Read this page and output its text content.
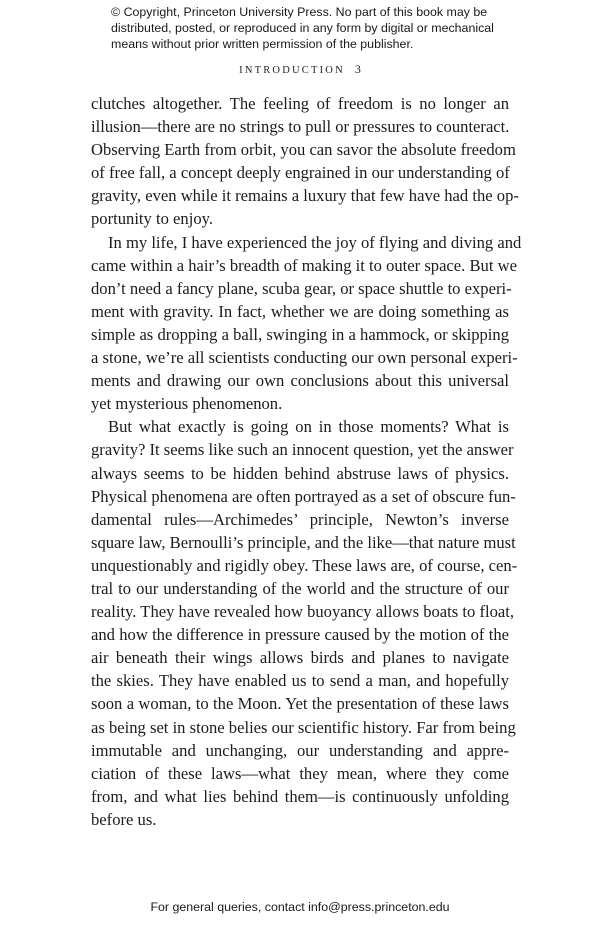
© Copyright, Princeton University Press. No part of this book may be
distributed, posted, or reproduced in any form by digital or mechanical
means without prior written permission of the publisher.
INTRODUCTION 3
clutches altogether. The feeling of freedom is no longer an
illusion—there are no strings to pull or pressures to counteract.
Observing Earth from orbit, you can savor the absolute freedom
of free fall, a concept deeply engrained in our understanding of
gravity, even while it remains a luxury that few have had the op-
portunity to enjoy.
In my life, I have experienced the joy of flying and diving and
came within a hair’s breadth of making it to outer space. But we
don’t need a fancy plane, scuba gear, or space shuttle to experi-
ment with gravity. In fact, whether we are doing something as
simple as dropping a ball, swinging in a hammock, or skipping
a stone, we’re all scientists conducting our own personal experi-
ments and drawing our own conclusions about this universal
yet mysterious phenomenon.
But what exactly is going on in those moments? What is
gravity? It seems like such an innocent question, yet the answer
always seems to be hidden behind abstruse laws of physics.
Physical phenomena are often portrayed as a set of obscure fun-
damental rules—Archimedes’ principle, Newton’s inverse
square law, Bernoulli’s principle, and the like—that nature must
unquestionably and rigidly obey. These laws are, of course, cen-
tral to our understanding of the world and the structure of our
reality. They have revealed how buoyancy allows boats to float,
and how the difference in pressure caused by the motion of the
air beneath their wings allows birds and planes to navigate
the skies. They have enabled us to send a man, and hopefully
soon a woman, to the Moon. Yet the presentation of these laws
as being set in stone belies our scientific history. Far from being
immutable and unchanging, our understanding and appre-
ciation of these laws—what they mean, where they come
from, and what lies behind them—is continuously unfolding
before us.
For general queries, contact info@press.princeton.edu
